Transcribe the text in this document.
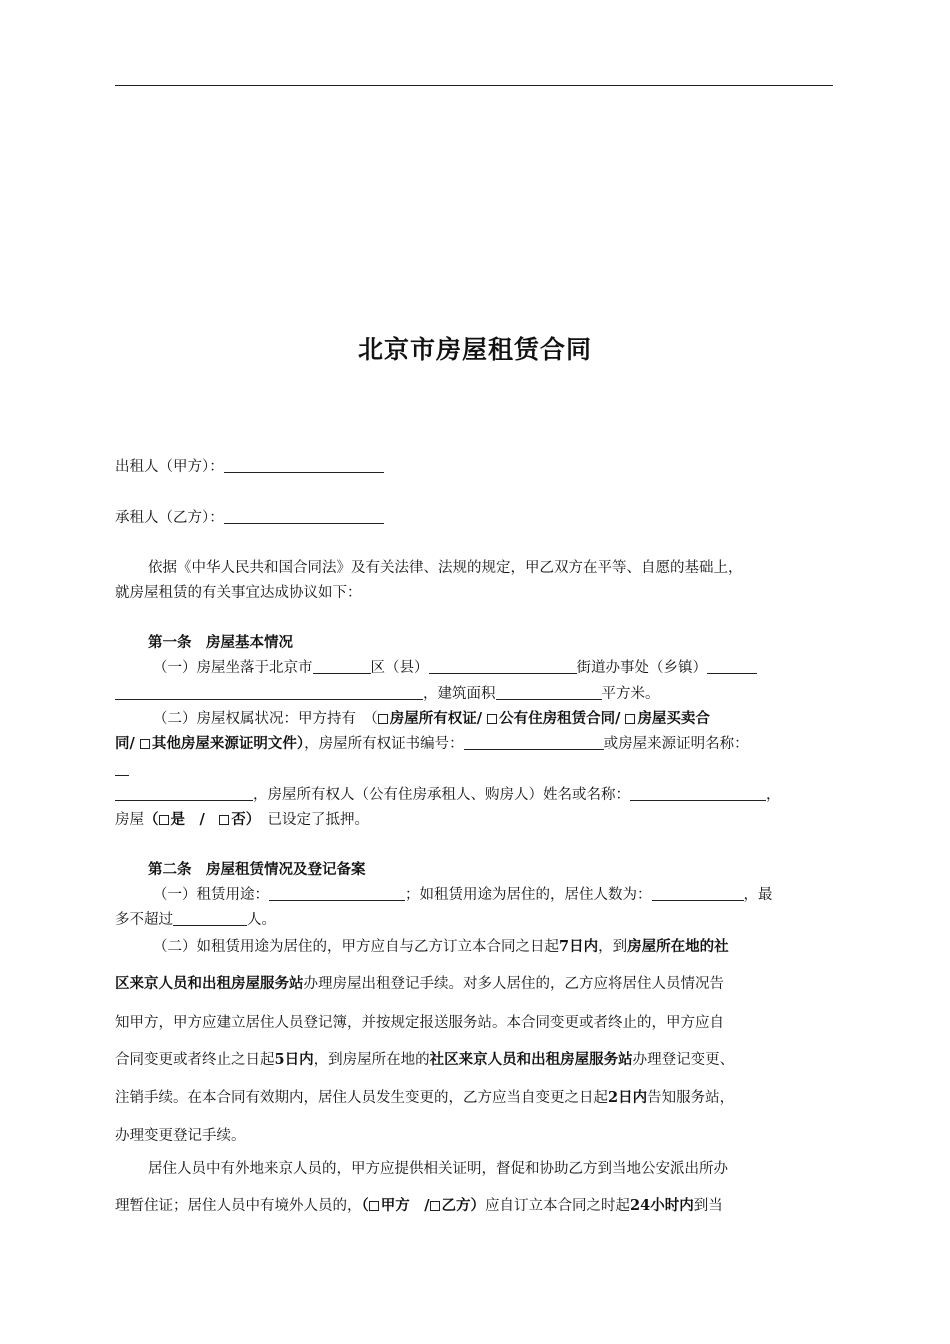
北京市房屋租赁合同
出租人（甲方）：
承租人（乙方）：
依据《中华人民共和国合同法》及有关法律、法规的规定，甲乙双方在平等、自愿的基础上，
就房屋租赁的有关事宜达成协议如下：
第一条　房屋基本情况
（一）房屋坐落于北京市	区（县）	街道办事处（乡镇）
，建筑面积	平方米。
（二）房屋权属状况：甲方持有　（ 房屋所有权证/ 公有住房租赁合同/ 房屋买卖合
同/ 其他房屋来源证明文件），房屋所有权证书编号：	或房屋来源证明名称：
，房屋所有权人（公有住房承租人、购房人）姓名或名称：	，
房屋（ 是　/　否）　 已设定了抵押。
第二条　房屋租赁情况及登记备案
（一）租赁用途：	；如租赁用途为居住的，居住人数为：	，最
多不超过	人。
（二）如租赁用途为居住的，甲方应自与乙方订立本合同之日起7日内，到房屋所在地的社
区来京人员和出租房屋服务站办理房屋出租登记手续。对多人居住的，乙方应将居住人员情况告
知甲方，甲方应建立居住人员登记簿，并按规定报送服务站。本合同变更或者终止的，甲方应自
合同变更或者终止之日起5日内，到房屋所在地的社区来京人员和出租房屋服务站办理登记变更、
注销手续。在本合同有效期内，居住人员发生变更的，乙方应当自变更之日起2日内告知服务站，
办理变更登记手续。
居住人员中有外地来京人员的，甲方应提供相关证明，督促和协助乙方到当地公安派出所办
理暂住证；居住人员中有境外人员的，（ 甲方　/ 乙方）应自订立本合同之时起24小时内到当
